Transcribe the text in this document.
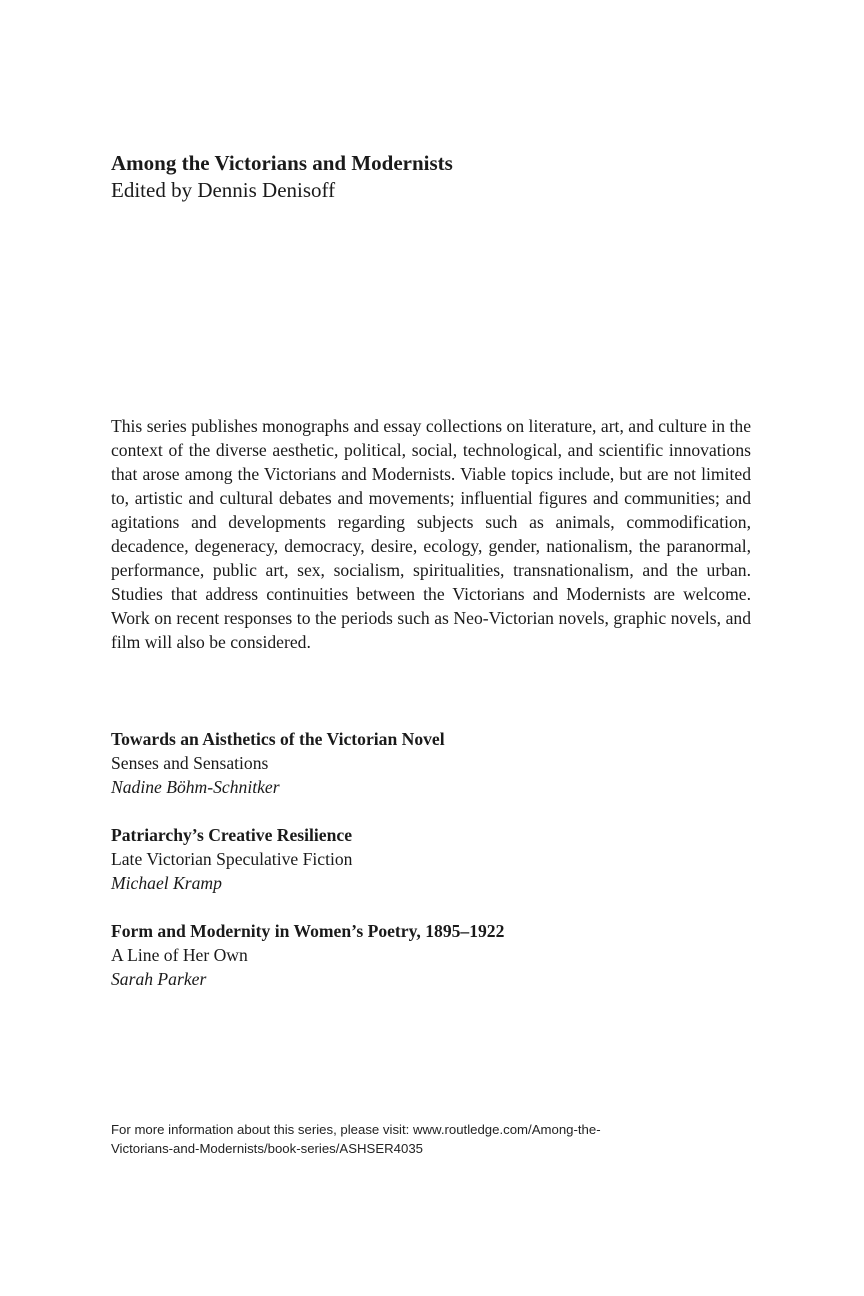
Among the Victorians and Modernists

Edited by Dennis Denisoff

This series publishes monographs and essay collections on literature, art, and culture in the context of the diverse aesthetic, political, social, technological, and scientific innovations that arose among the Victorians and Modernists. Viable topics include, but are not limited to, artistic and cultural debates and movements; influential figures and communities; and agitations and developments regarding subjects such as animals, commodification, decadence, degeneracy, democracy, desire, ecology, gender, nationalism, the paranormal, performance, public art, sex, socialism, spiritualities, transnationalism, and the urban. Studies that address continuities between the Victorians and Modernists are welcome. Work on recent responses to the periods such as Neo-Victorian novels, graphic novels, and film will also be considered.

Towards an Aisthetics of the Victorian Novel
Senses and Sensations
Nadine Böhm-Schnitker
Patriarchy’s Creative Resilience
Late Victorian Speculative Fiction
Michael Kramp
Form and Modernity in Women’s Poetry, 1895–1922
A Line of Her Own
Sarah Parker

For more information about this series, please visit: www.routledge.com/Among-the-
Victorians-and-Modernists/book-series/ASHSER4035
